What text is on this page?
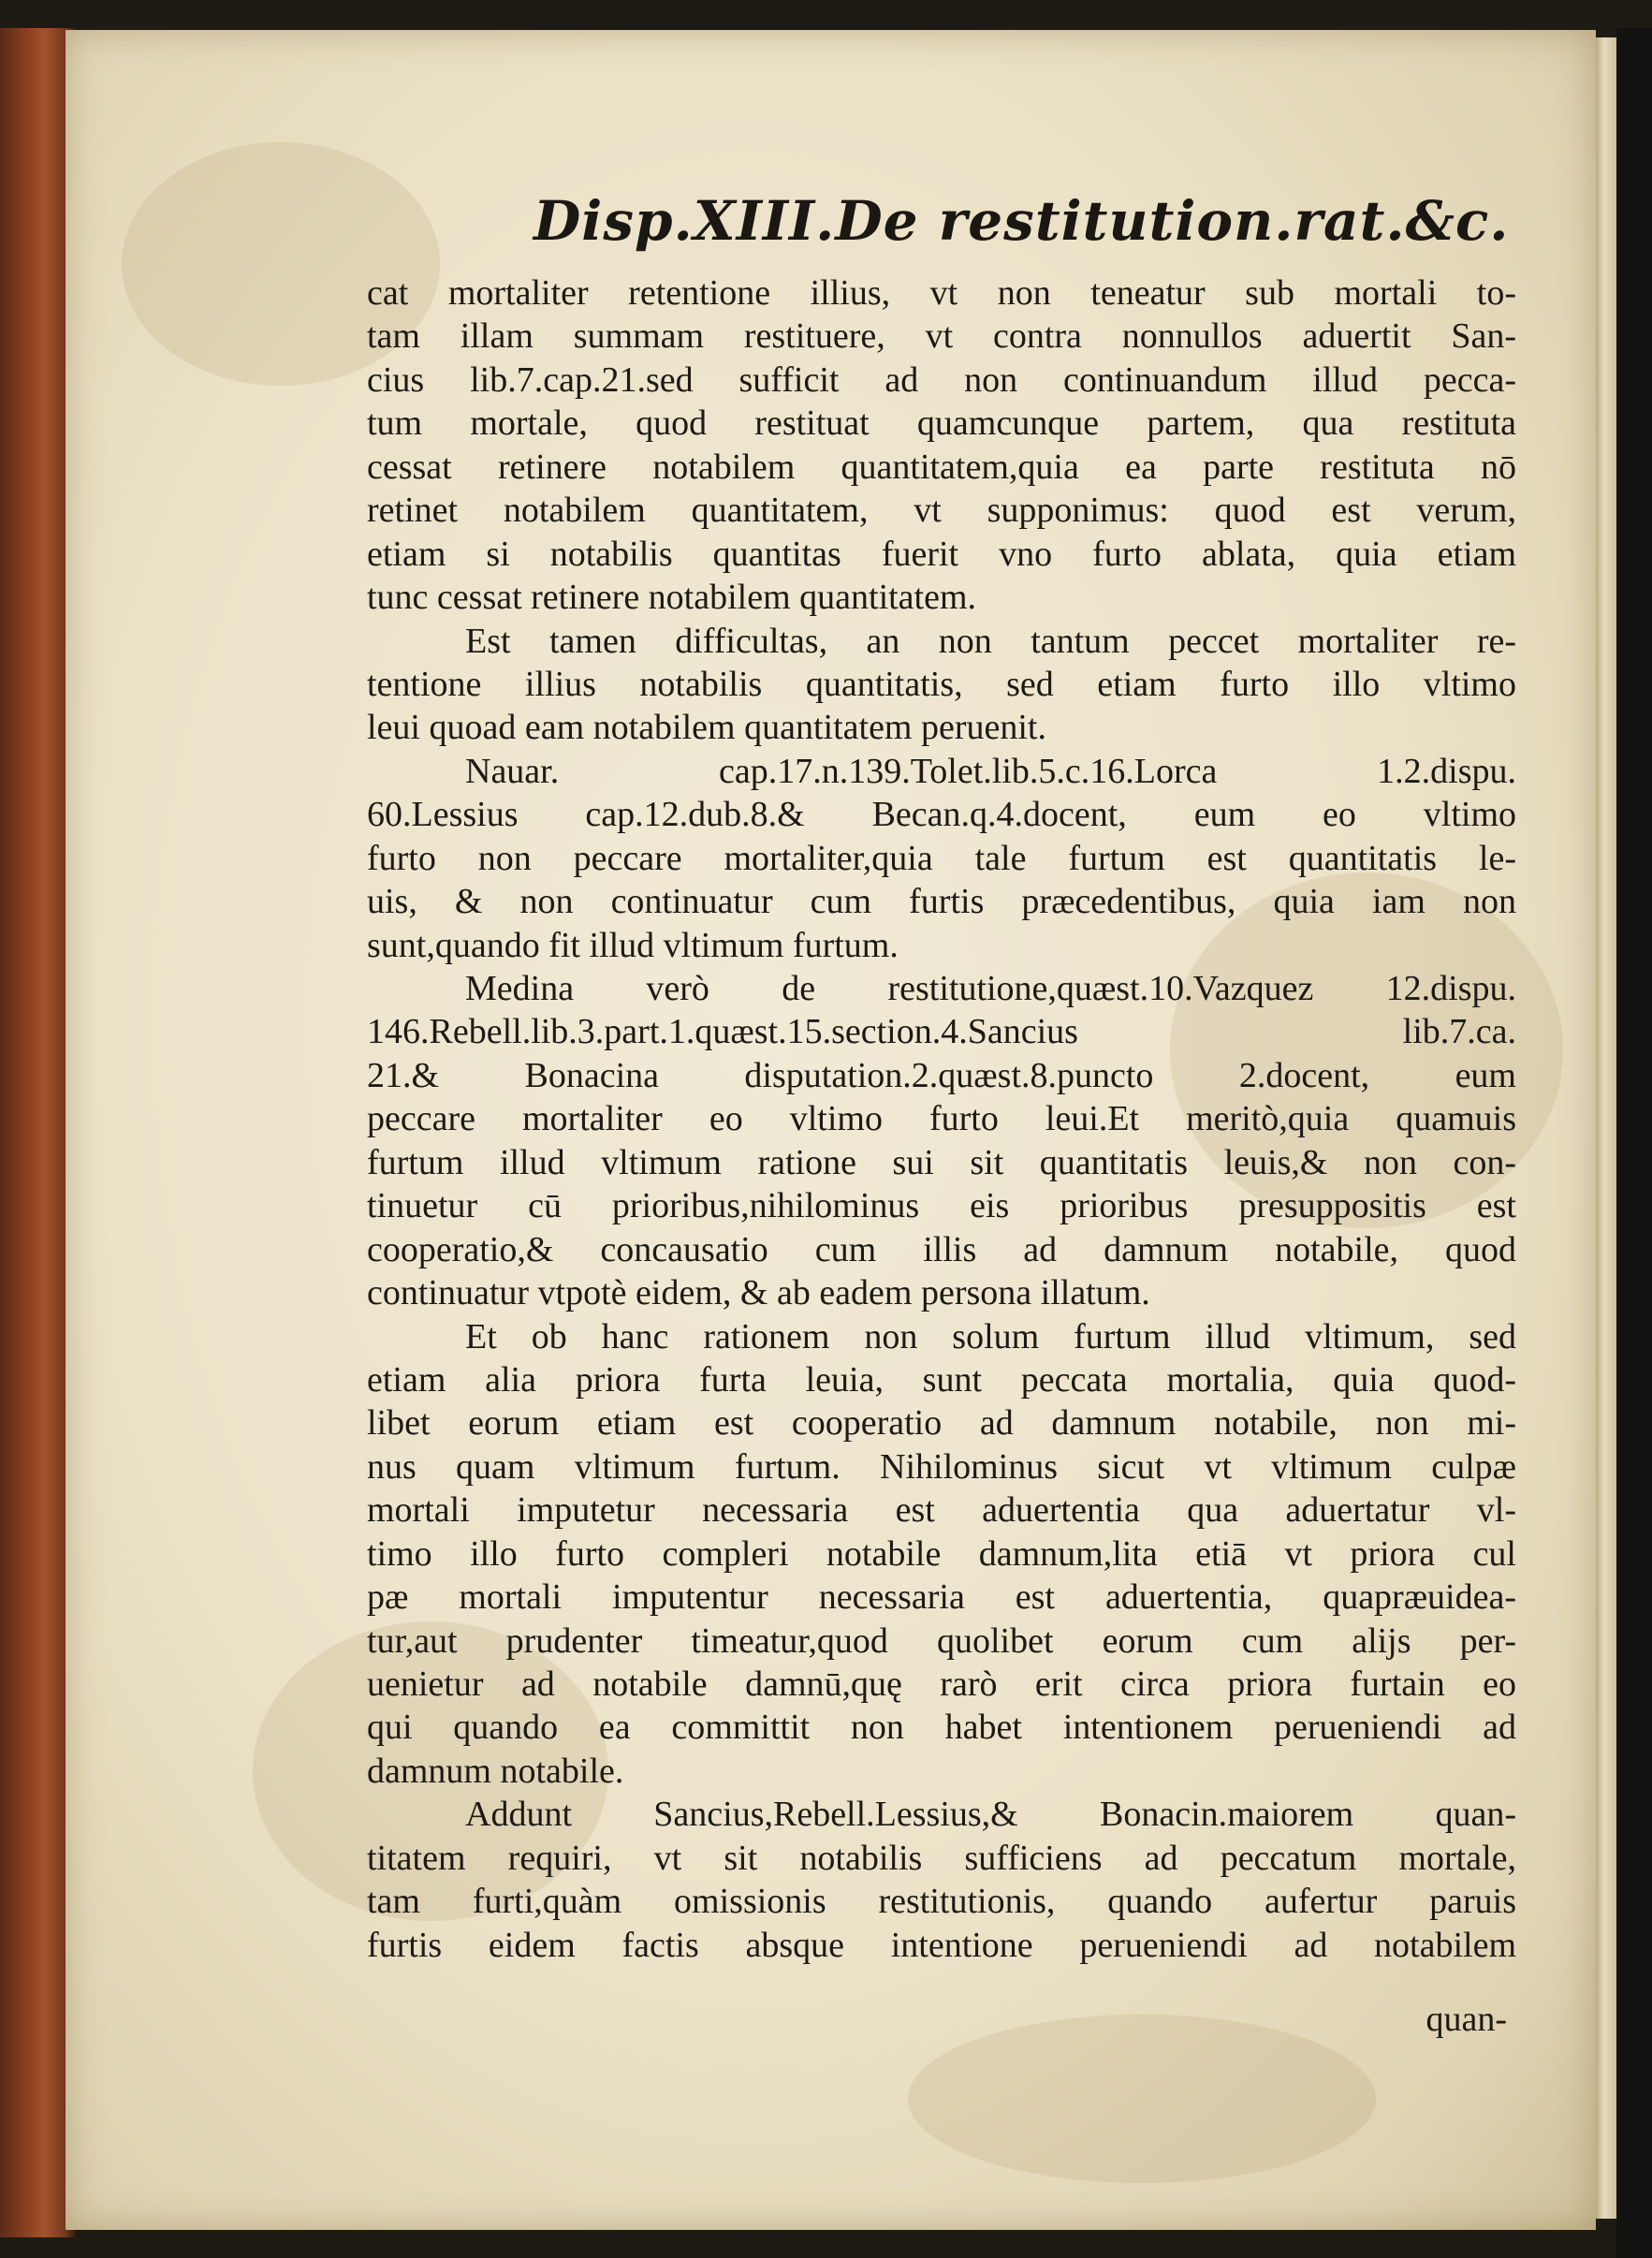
Disp.XIII.De restitution.rat.&c.
cat mortaliter retentione illius, vt non teneatur sub mortali to-
tam illam summam restituere, vt contra nonnullos aduertit San-
cius lib.7.cap.21.sed sufficit ad non continuandum illud pecca-
tum mortale, quod restituat quamcunque partem, qua restituta
cessat retinere notabilem quantitatem,quia ea parte restituta nō
retinet notabilem quantitatem, vt supponimus: quod est verum,
etiam si notabilis quantitas fuerit vno furto ablata, quia etiam
tunc cessat retinere notabilem quantitatem.
Est tamen difficultas, an non tantum peccet mortaliter re-
tentione illius notabilis quantitatis, sed etiam furto illo vltimo
leui quoad eam notabilem quantitatem peruenit.
Nauar. cap.17.n.139.Tolet.lib.5.c.16.Lorca 1.2.dispu.
60.Lessius cap.12.dub.8.& Becan.q.4.docent, eum eo vltimo
furto non peccare mortaliter,quia tale furtum est quantitatis le-
uis, & non continuatur cum furtis præcedentibus, quia iam non
sunt,quando fit illud vltimum furtum.
Medina verò de restitutione,quæst.10.Vazquez 12.dispu.
146.Rebell.lib.3.part.1.quæst.15.section.4.Sancius lib.7.ca.
21.& Bonacina disputation.2.quæst.8.puncto 2.docent, eum
peccare mortaliter eo vltimo furto leui.Et meritò,quia quamuis
furtum illud vltimum ratione sui sit quantitatis leuis,& non con-
tinuetur cū prioribus,nihilominus eis prioribus presuppositis est
cooperatio,& concausatio cum illis ad damnum notabile, quod
continuatur vtpotè eidem, & ab eadem persona illatum.
Et ob hanc rationem non solum furtum illud vltimum, sed
etiam alia priora furta leuia, sunt peccata mortalia, quia quod-
libet eorum etiam est cooperatio ad damnum notabile, non mi-
nus quam vltimum furtum. Nihilominus sicut vt vltimum culpæ
mortali imputetur necessaria est aduertentia qua aduertatur vl-
timo illo furto compleri notabile damnum,lita etiā vt priora cul
pæ mortali imputentur necessaria est aduertentia, quapræuidea-
tur,aut prudenter timeatur,quod quolibet eorum cum alijs per-
uenietur ad notabile damnū,quę rarò erit circa priora furtain eo
qui quando ea committit non habet intentionem perueniendi ad
damnum notabile.
Addunt Sancius,Rebell.Lessius,& Bonacin.maiorem quan-
titatem requiri, vt sit notabilis sufficiens ad peccatum mortale,
tam furti,quàm omissionis restitutionis, quando aufertur paruis
furtis eidem factis absque intentione perueniendi ad notabilem
quan-
